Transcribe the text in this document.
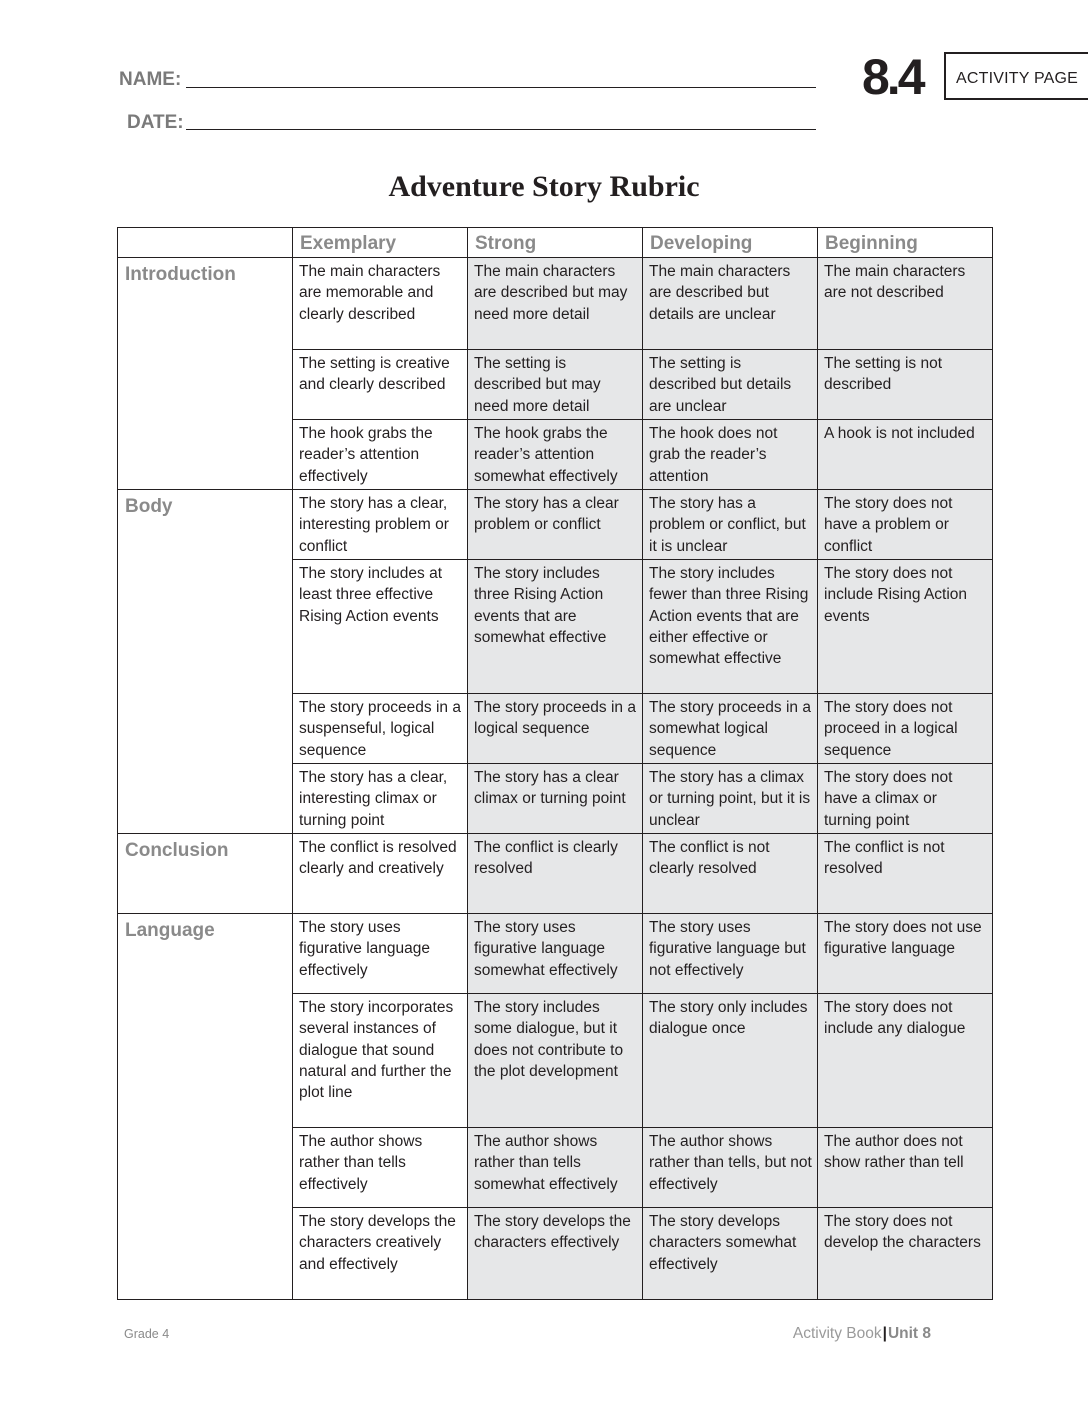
NAME:
DATE:
8.4	ACTIVITY PAGE
Adventure Story Rubric
	Exemplary	Strong	Developing	Beginning
Introduction	The main characters are memorable and clearly described	The main characters are described but may need more detail	The main characters are described but details are unclear	The main characters are not described
	The setting is creative and clearly described	The setting is described but may need more detail	The setting is described but details are unclear	The setting is not described
	The hook grabs the reader’s attention effectively	The hook grabs the reader’s attention somewhat effectively	The hook does not grab the reader’s attention	A hook is not included
Body	The story has a clear, interesting problem or conflict	The story has a clear problem or conflict	The story has a problem or conflict, but it is unclear	The story does not have a problem or conflict
	The story includes at least three effective Rising Action events	The story includes three Rising Action events that are somewhat effective	The story includes fewer than three Rising Action events that are either effective or somewhat effective	The story does not include Rising Action events
	The story proceeds in a suspenseful, logical sequence	The story proceeds in a logical sequence	The story proceeds in a somewhat logical sequence	The story does not proceed in a logical sequence
	The story has a clear, interesting climax or turning point	The story has a clear climax or turning point	The story has a climax or turning point, but it is unclear	The story does not have a climax or turning point
Conclusion	The conflict is resolved clearly and creatively	The conflict is clearly resolved	The conflict is not clearly resolved	The conflict is not resolved
Language	The story uses figurative language effectively	The story uses figurative language somewhat effectively	The story uses figurative language but not effectively	The story does not use figurative language
	The story incorporates several instances of dialogue that sound natural and further the plot line	The story includes some dialogue, but it does not contribute to the plot development	The story only includes dialogue once	The story does not include any dialogue
	The author shows rather than tells effectively	The author shows rather than tells somewhat effectively	The author shows rather than tells, but not effectively	The author does not show rather than tell
	The story develops the characters creatively and effectively	The story develops the characters effectively	The story develops characters somewhat effectively	The story does not develop the characters
Grade 4	Activity Book|Unit 8
